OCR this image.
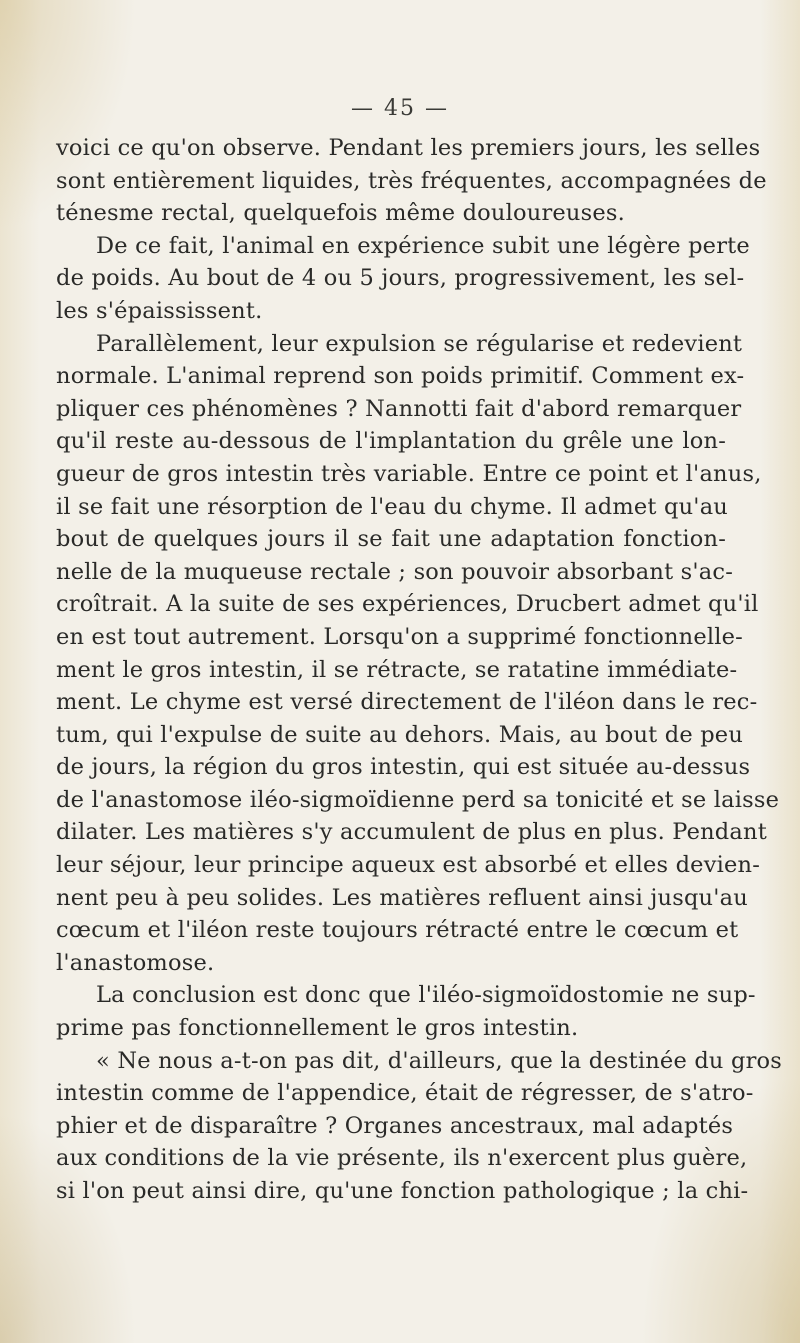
— 45 —

voici ce qu'on observe. Pendant les premiers jours, les selles
sont entièrement liquides, très fréquentes, accompagnées de
ténesme rectal, quelquefois même douloureuses.

De ce fait, l'animal en expérience subit une légère perte
de poids. Au bout de 4 ou 5 jours, progressivement, les sel-
les s'épaississent.

Parallèlement, leur expulsion se régularise et redevient
normale. L'animal reprend son poids primitif. Comment ex-
pliquer ces phénomènes ? Nannotti fait d'abord remarquer
qu'il reste au-dessous de l'implantation du grêle une lon-
gueur de gros intestin très variable. Entre ce point et l'anus,
il se fait une résorption de l'eau du chyme. Il admet qu'au
bout de quelques jours il se fait une adaptation fonction-
nelle de la muqueuse rectale ; son pouvoir absorbant s'ac-
croîtrait. A la suite de ses expériences, Drucbert admet qu'il
en est tout autrement. Lorsqu'on a supprimé fonctionnelle-
ment le gros intestin, il se rétracte, se ratatine immédiate-
ment. Le chyme est versé directement de l'iléon dans le rec-
tum, qui l'expulse de suite au dehors. Mais, au bout de peu
de jours, la région du gros intestin, qui est située au-dessus
de l'anastomose iléo-sigmoïdienne perd sa tonicité et se laisse
dilater. Les matières s'y accumulent de plus en plus. Pendant
leur séjour, leur principe aqueux est absorbé et elles devien-
nent peu à peu solides. Les matières refluent ainsi jusqu'au
cœcum et l'iléon reste toujours rétracté entre le cœcum et
l'anastomose.

La conclusion est donc que l'iléo-sigmoïdostomie ne sup-
prime pas fonctionnellement le gros intestin.

« Ne nous a-t-on pas dit, d'ailleurs, que la destinée du gros
intestin comme de l'appendice, était de régresser, de s'atro-
phier et de disparaître ? Organes ancestraux, mal adaptés
aux conditions de la vie présente, ils n'exercent plus guère,
si l'on peut ainsi dire, qu'une fonction pathologique ; la chi-
